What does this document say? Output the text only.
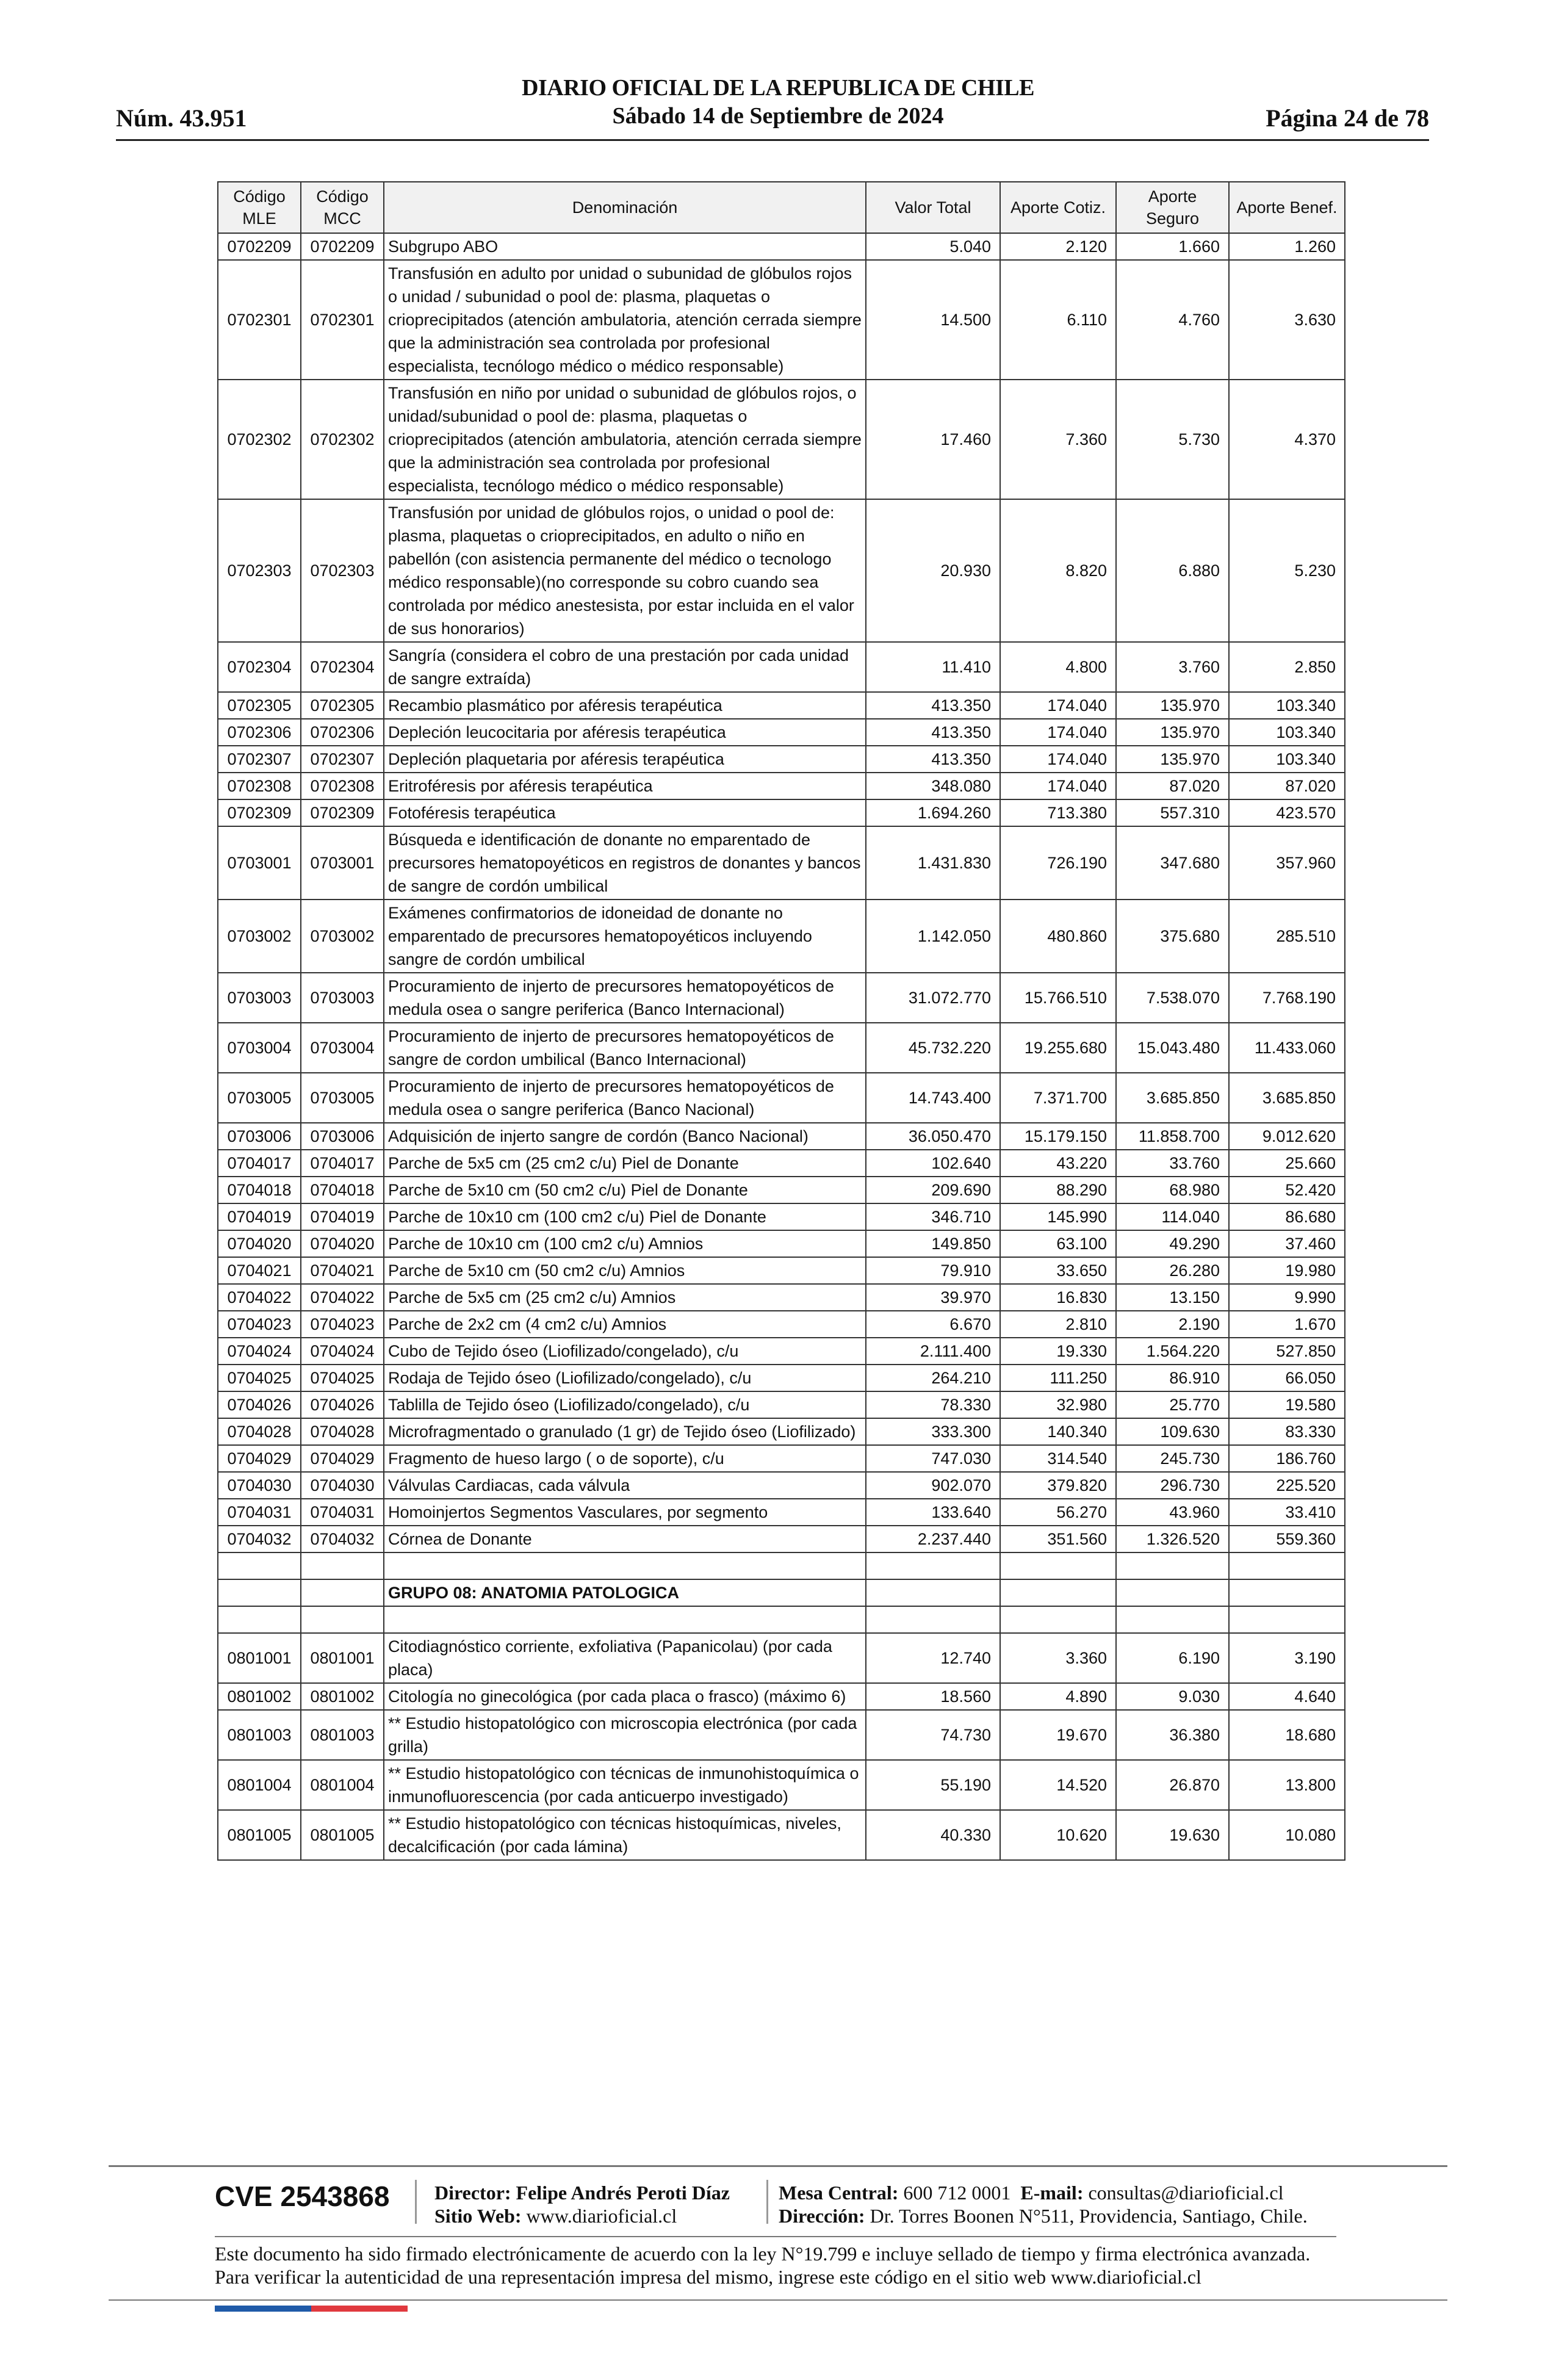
DIARIO OFICIAL DE LA REPUBLICA DE CHILE
Sábado 14 de Septiembre de 2024
Núm. 43.951	Página 24 de 78
Código MLE	Código MCC	Denominación	Valor Total	Aporte Cotiz.	Aporte Seguro	Aporte Benef.
0702209	0702209	Subgrupo ABO	5.040	2.120	1.660	1.260
0702301	0702301	Transfusión en adulto por unidad o subunidad de glóbulos rojos o unidad / subunidad o pool de: plasma, plaquetas o crioprecipitados (atención ambulatoria, atención cerrada siempre que la administración sea controlada por profesional especialista, tecnólogo médico o médico responsable)	14.500	6.110	4.760	3.630
0702302	0702302	Transfusión en niño por unidad o subunidad de glóbulos rojos, o unidad/subunidad o pool de: plasma, plaquetas o crioprecipitados (atención ambulatoria, atención cerrada siempre que la administración sea controlada por profesional especialista, tecnólogo médico o médico responsable)	17.460	7.360	5.730	4.370
0702303	0702303	Transfusión por unidad de glóbulos rojos, o unidad o pool de: plasma, plaquetas o crioprecipitados, en adulto o niño en pabellón (con asistencia permanente del médico o tecnologo médico responsable)(no corresponde su cobro cuando sea controlada por médico anestesista, por estar incluida en el valor de sus honorarios)	20.930	8.820	6.880	5.230
0702304	0702304	Sangría (considera el cobro de una prestación por cada unidad de sangre extraída)	11.410	4.800	3.760	2.850
0702305	0702305	Recambio plasmático por aféresis terapéutica	413.350	174.040	135.970	103.340
0702306	0702306	Depleción leucocitaria por aféresis terapéutica	413.350	174.040	135.970	103.340
0702307	0702307	Depleción plaquetaria por aféresis terapéutica	413.350	174.040	135.970	103.340
0702308	0702308	Eritroféresis por aféresis terapéutica	348.080	174.040	87.020	87.020
0702309	0702309	Fotoféresis terapéutica	1.694.260	713.380	557.310	423.570
0703001	0703001	Búsqueda e identificación de donante no emparentado de precursores hematopoyéticos en registros de donantes y bancos de sangre de cordón umbilical	1.431.830	726.190	347.680	357.960
0703002	0703002	Exámenes confirmatorios de idoneidad de donante no emparentado de precursores hematopoyéticos incluyendo sangre de cordón umbilical	1.142.050	480.860	375.680	285.510
0703003	0703003	Procuramiento de injerto de precursores hematopoyéticos de medula osea o sangre periferica (Banco Internacional)	31.072.770	15.766.510	7.538.070	7.768.190
0703004	0703004	Procuramiento de injerto de precursores hematopoyéticos de sangre de cordon umbilical (Banco Internacional)	45.732.220	19.255.680	15.043.480	11.433.060
0703005	0703005	Procuramiento de injerto de precursores hematopoyéticos de medula osea o sangre periferica (Banco Nacional)	14.743.400	7.371.700	3.685.850	3.685.850
0703006	0703006	Adquisición de injerto sangre de cordón (Banco Nacional)	36.050.470	15.179.150	11.858.700	9.012.620
0704017	0704017	Parche de 5x5 cm (25 cm2 c/u) Piel de Donante	102.640	43.220	33.760	25.660
0704018	0704018	Parche de 5x10 cm (50 cm2 c/u) Piel de Donante	209.690	88.290	68.980	52.420
0704019	0704019	Parche de 10x10 cm (100 cm2 c/u) Piel de Donante	346.710	145.990	114.040	86.680
0704020	0704020	Parche de 10x10 cm (100 cm2 c/u) Amnios	149.850	63.100	49.290	37.460
0704021	0704021	Parche de 5x10 cm (50 cm2 c/u) Amnios	79.910	33.650	26.280	19.980
0704022	0704022	Parche de 5x5 cm (25 cm2 c/u) Amnios	39.970	16.830	13.150	9.990
0704023	0704023	Parche de 2x2 cm (4 cm2 c/u) Amnios	6.670	2.810	2.190	1.670
0704024	0704024	Cubo de Tejido óseo (Liofilizado/congelado), c/u	2.111.400	19.330	1.564.220	527.850
0704025	0704025	Rodaja de Tejido óseo (Liofilizado/congelado), c/u	264.210	111.250	86.910	66.050
0704026	0704026	Tablilla de Tejido óseo (Liofilizado/congelado), c/u	78.330	32.980	25.770	19.580
0704028	0704028	Microfragmentado o granulado (1 gr) de Tejido óseo (Liofilizado)	333.300	140.340	109.630	83.330
0704029	0704029	Fragmento de hueso largo ( o de soporte), c/u	747.030	314.540	245.730	186.760
0704030	0704030	Válvulas Cardiacas, cada válvula	902.070	379.820	296.730	225.520
0704031	0704031	Homoinjertos Segmentos Vasculares, por segmento	133.640	56.270	43.960	33.410
0704032	0704032	Córnea de Donante	2.237.440	351.560	1.326.520	559.360

		GRUPO 08: ANATOMIA PATOLOGICA				

0801001	0801001	Citodiagnóstico corriente, exfoliativa (Papanicolau) (por cada placa)	12.740	3.360	6.190	3.190
0801002	0801002	Citología no ginecológica (por cada placa o frasco) (máximo 6)	18.560	4.890	9.030	4.640
0801003	0801003	** Estudio histopatológico con microscopia electrónica (por cada grilla)	74.730	19.670	36.380	18.680
0801004	0801004	** Estudio histopatológico con técnicas de inmunohistoquímica o inmunofluorescencia (por cada anticuerpo investigado)	55.190	14.520	26.870	13.800
0801005	0801005	** Estudio histopatológico con técnicas histoquímicas, niveles, decalcificación (por cada lámina)	40.330	10.620	19.630	10.080
CVE 2543868 Director: Felipe Andrés Peroti Díaz
Sitio Web: www.diarioficial.cl
Mesa Central: 600 712 0001 E-mail: consultas@diarioficial.cl
Dirección: Dr. Torres Boonen N°511, Providencia, Santiago, Chile.
Este documento ha sido firmado electrónicamente de acuerdo con la ley N°19.799 e incluye sellado de tiempo y firma electrónica avanzada. Para verificar la autenticidad de una representación impresa del mismo, ingrese este código en el sitio web www.diarioficial.cl
